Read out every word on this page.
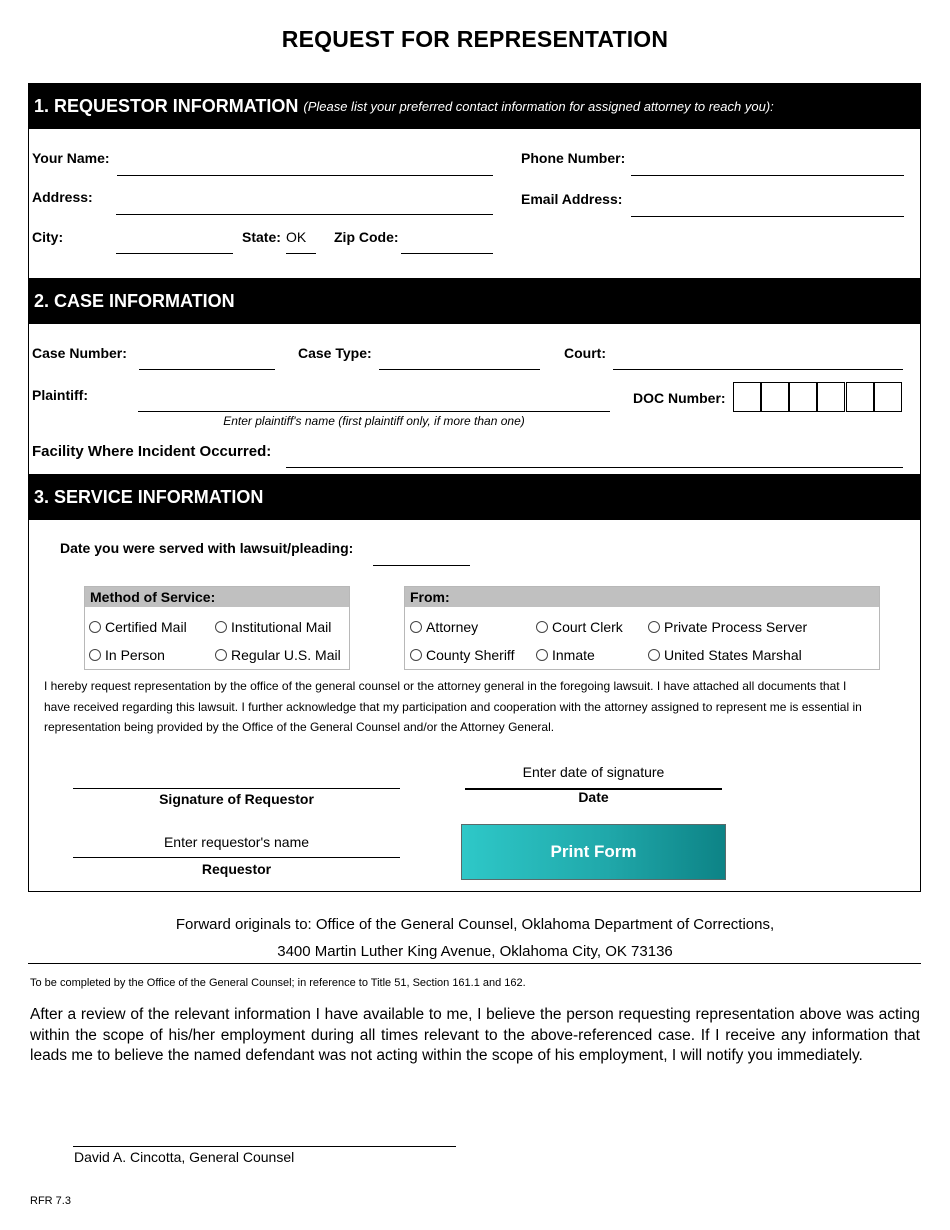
REQUEST FOR REPRESENTATION
1. REQUESTOR INFORMATION (Please list your preferred contact information for assigned attorney to reach you):
Your Name:	Phone Number:
Address:	Email Address:
City:	State: OK	Zip Code:
2. CASE INFORMATION
Case Number:	Case Type:	Court:
Plaintiff:
Enter plaintiff's name (first plaintiff only, if more than one)
DOC Number:
Facility Where Incident Occurred:
3. SERVICE INFORMATION
Date you were served with lawsuit/pleading:
Method of Service:
Certified Mail	Institutional Mail
In Person	Regular U.S. Mail
From:
Attorney	Court Clerk	Private Process Server
County Sheriff	Inmate	United States Marshal
I hereby request representation by the office of the general counsel or the attorney general in the foregoing lawsuit. I have attached all documents that I have received regarding this lawsuit. I further acknowledge that my participation and cooperation with the attorney assigned to represent me is essential in representation being provided by the Office of the General Counsel and/or the Attorney General.
Signature of Requestor
Enter date of signature
Date
Enter requestor's name
Requestor
Print Form
Forward originals to: Office of the General Counsel, Oklahoma Department of Corrections,
3400 Martin Luther King Avenue, Oklahoma City, OK 73136
To be completed by the Office of the General Counsel; in reference to Title 51, Section 161.1 and 162.
After a review of the relevant information I have available to me, I believe the person requesting representation above was acting within the scope of his/her employment during all times relevant to the above-referenced case. If I receive any information that leads me to believe the named defendant was not acting within the scope of his employment, I will notify you immediately.
David A. Cincotta, General Counsel
RFR 7.3
